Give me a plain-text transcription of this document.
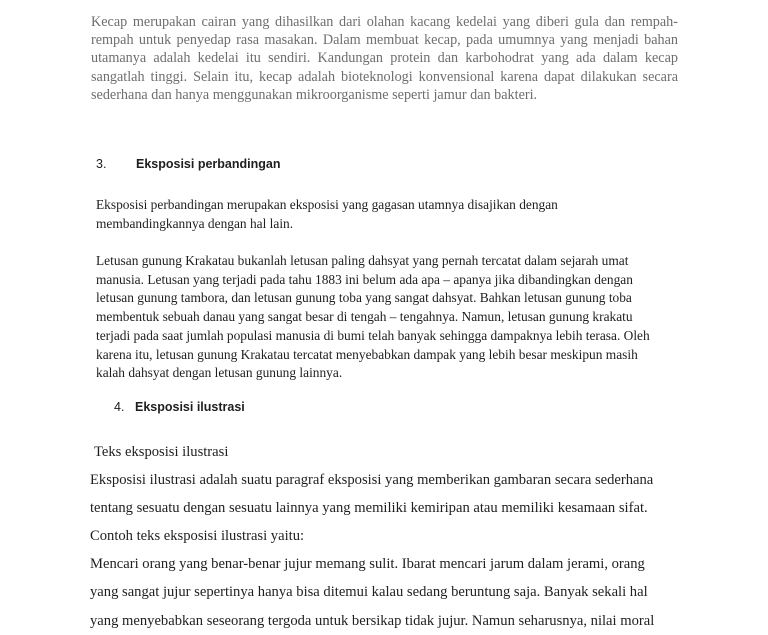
Kecap merupakan cairan yang dihasilkan dari olahan kacang kedelai yang diberi gula dan rempah-rempah untuk penyedap rasa masakan. Dalam membuat kecap, pada umumnya yang menjadi bahan utamanya adalah kedelai itu sendiri. Kandungan protein dan karbohodrat yang ada dalam kecap sangatlah tinggi. Selain itu, kecap adalah bioteknologi konvensional karena dapat dilakukan secara sederhana dan hanya menggunakan mikroorganisme seperti jamur dan bakteri.

3. Eksposisi perbandingan

Eksposisi perbandingan merupakan eksposisi yang gagasan utamnya disajikan dengan
membandingkannya dengan hal lain.

Letusan gunung Krakatau bukanlah letusan paling dahsyat yang pernah tercatat dalam sejarah umat
manusia. Letusan yang terjadi pada tahu 1883 ini belum ada apa – apanya jika dibandingkan dengan
letusan gunung tambora, dan letusan gunung toba yang sangat dahsyat. Bahkan letusan gunung toba
membentuk sebuah danau yang sangat besar di tengah – tengahnya. Namun, letusan gunung krakatu
terjadi pada saat jumlah populasi manusia di bumi telah banyak sehingga dampaknya lebih terasa. Oleh
karena itu, letusan gunung Krakatau tercatat menyebabkan dampak yang lebih besar meskipun masih
kalah dahsyat dengan letusan gunung lainnya.

4. Eksposisi ilustrasi

Teks eksposisi ilustrasi

Eksposisi ilustrasi adalah suatu paragraf eksposisi yang memberikan gambaran secara sederhana
tentang sesuatu dengan sesuatu lainnya yang memiliki kemiripan atau memiliki kesamaan sifat.

Contoh teks eksposisi ilustrasi yaitu:

Mencari orang yang benar-benar jujur memang sulit. Ibarat mencari jarum dalam jerami, orang
yang sangat jujur sepertinya hanya bisa ditemui kalau sedang beruntung saja. Banyak sekali hal
yang menyebabkan seseorang tergoda untuk bersikap tidak jujur. Namun seharusnya, nilai moral
